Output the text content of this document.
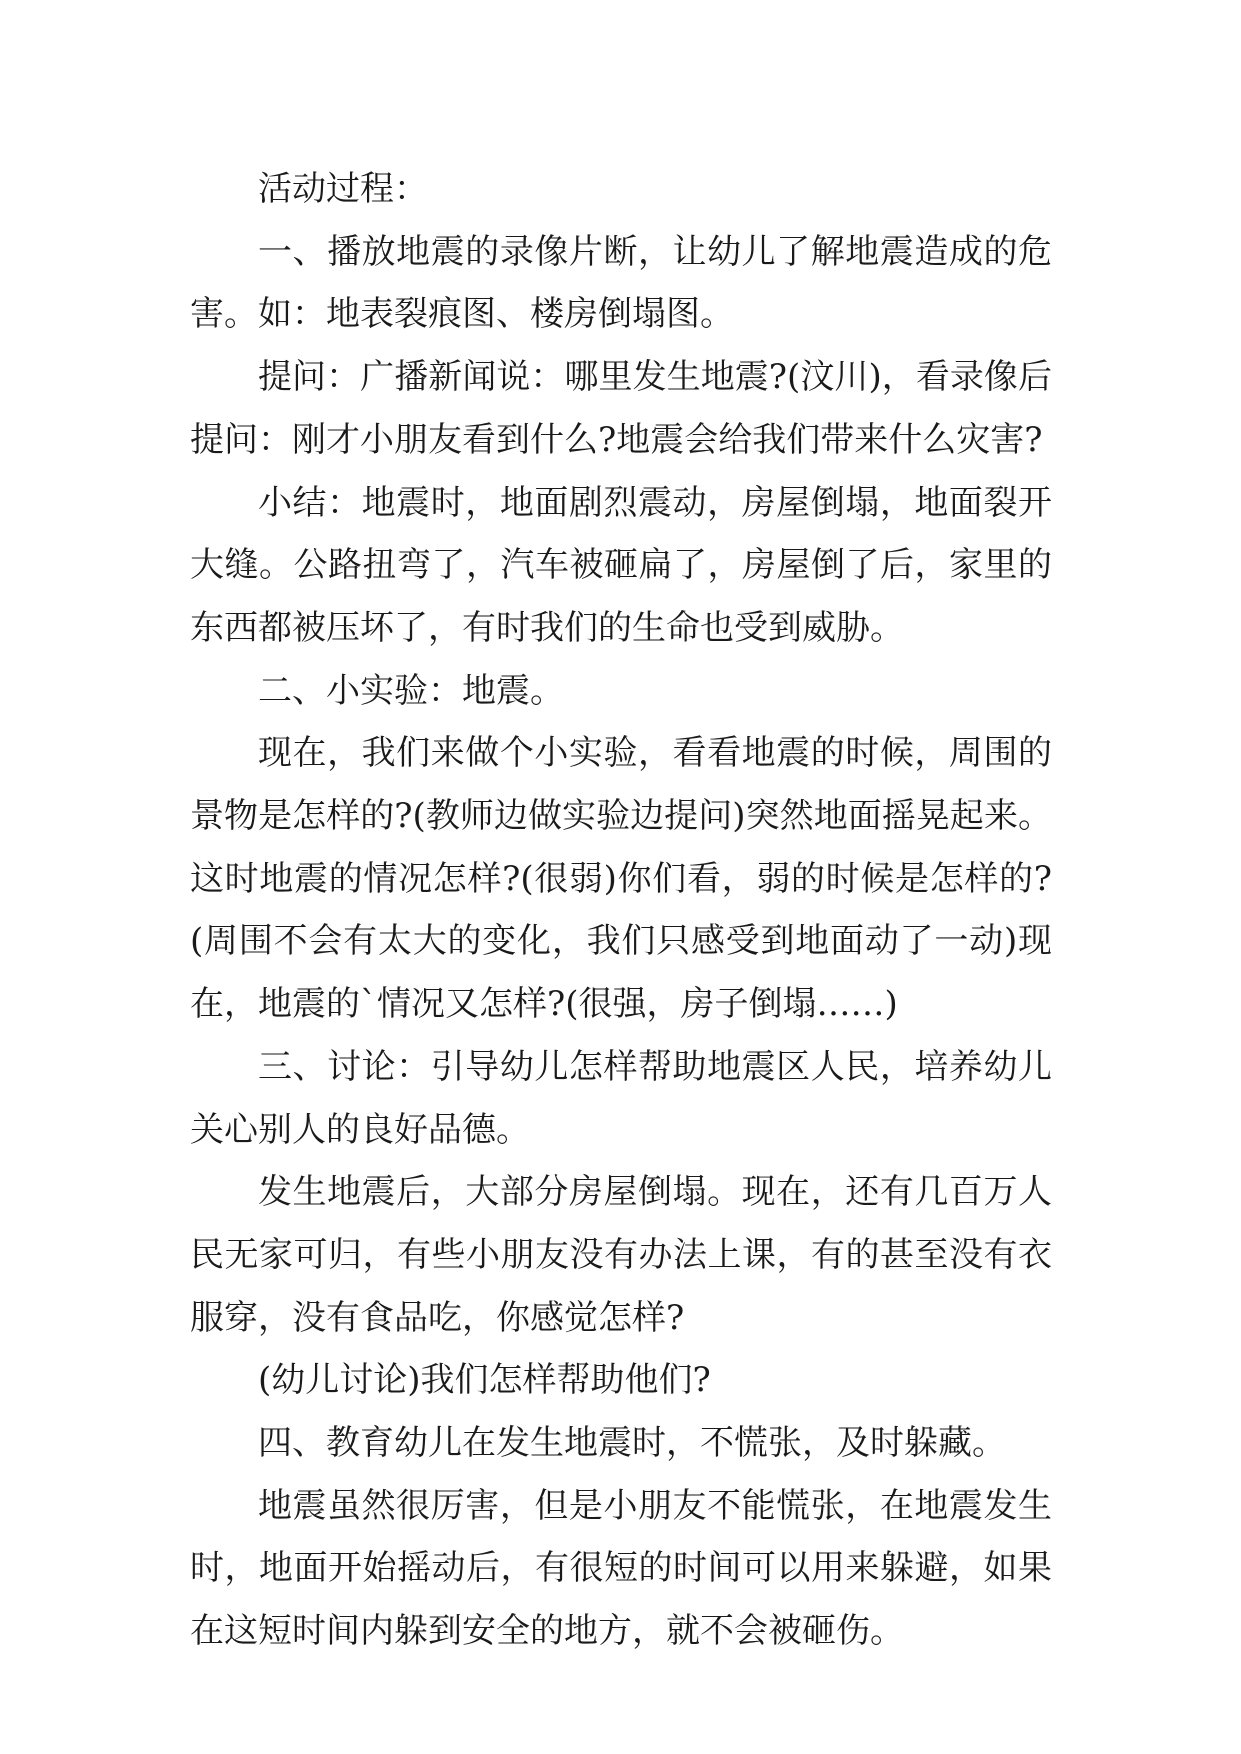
活动过程：

一、播放地震的录像片断，让幼儿了解地震造成的危害。如：地表裂痕图、楼房倒塌图。

提问：广播新闻说：哪里发生地震?(汶川)，看录像后提问：刚才小朋友看到什么?地震会给我们带来什么灾害?

小结：地震时，地面剧烈震动，房屋倒塌，地面裂开大缝。公路扭弯了，汽车被砸扁了，房屋倒了后，家里的东西都被压坏了，有时我们的生命也受到威胁。

二、小实验：地震。

现在，我们来做个小实验，看看地震的时候，周围的景物是怎样的?(教师边做实验边提问)突然地面摇晃起来。这时地震的情况怎样?(很弱)你们看，弱的时候是怎样的?(周围不会有太大的变化，我们只感受到地面动了一动)现在，地震的`情况又怎样?(很强，房子倒塌……)

三、讨论：引导幼儿怎样帮助地震区人民，培养幼儿关心别人的良好品德。

发生地震后，大部分房屋倒塌。现在，还有几百万人民无家可归，有些小朋友没有办法上课，有的甚至没有衣服穿，没有食品吃，你感觉怎样?

(幼儿讨论)我们怎样帮助他们?

四、教育幼儿在发生地震时，不慌张，及时躲藏。

地震虽然很厉害，但是小朋友不能慌张，在地震发生时，地面开始摇动后，有很短的时间可以用来躲避，如果在这短时间内躲到安全的地方，就不会被砸伤。
